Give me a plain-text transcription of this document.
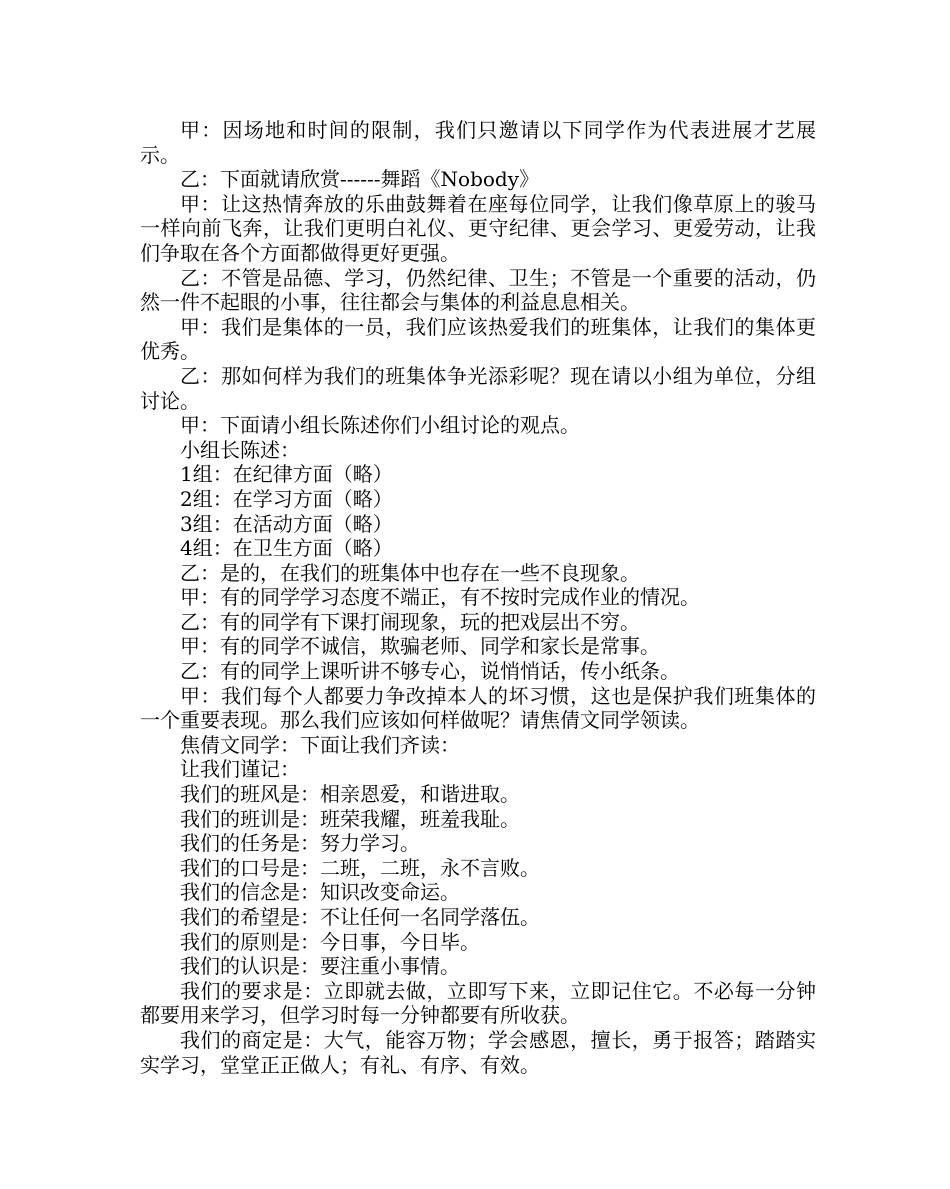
甲：因场地和时间的限制，我们只邀请以下同学作为代表进展才艺展示。

乙：下面就请欣赏------舞蹈《Nobody》

甲：让这热情奔放的乐曲鼓舞着在座每位同学，让我们像草原上的骏马一样向前飞奔，让我们更明白礼仪、更守纪律、更会学习、更爱劳动，让我们争取在各个方面都做得更好更强。

乙：不管是品德、学习，仍然纪律、卫生；不管是一个重要的活动，仍然一件不起眼的小事，往往都会与集体的利益息息相关。

甲：我们是集体的一员，我们应该热爱我们的班集体，让我们的集体更优秀。

乙：那如何样为我们的班集体争光添彩呢？现在请以小组为单位，分组讨论。

甲：下面请小组长陈述你们小组讨论的观点。

小组长陈述：

1组：在纪律方面（略）

2组：在学习方面（略）

3组：在活动方面（略）

4组：在卫生方面（略）

乙：是的，在我们的班集体中也存在一些不良现象。

甲：有的同学学习态度不端正，有不按时完成作业的情况。

乙：有的同学有下课打闹现象，玩的把戏层出不穷。

甲：有的同学不诚信，欺骗老师、同学和家长是常事。

乙：有的同学上课听讲不够专心，说悄悄话，传小纸条。

甲：我们每个人都要力争改掉本人的坏习惯，这也是保护我们班集体的一个重要表现。那么我们应该如何样做呢？请焦倩文同学领读。

焦倩文同学：下面让我们齐读：

让我们谨记：

我们的班风是：相亲恩爱，和谐进取。

我们的班训是：班荣我耀，班羞我耻。

我们的任务是：努力学习。

我们的口号是：二班，二班，永不言败。

我们的信念是：知识改变命运。

我们的希望是：不让任何一名同学落伍。

我们的原则是：今日事，今日毕。

我们的认识是：要注重小事情。

我们的要求是：立即就去做，立即写下来，立即记住它。不必每一分钟都要用来学习，但学习时每一分钟都要有所收获。

我们的商定是：大气，能容万物；学会感恩，擅长，勇于报答；踏踏实实学习，堂堂正正做人；有礼、有序、有效。
